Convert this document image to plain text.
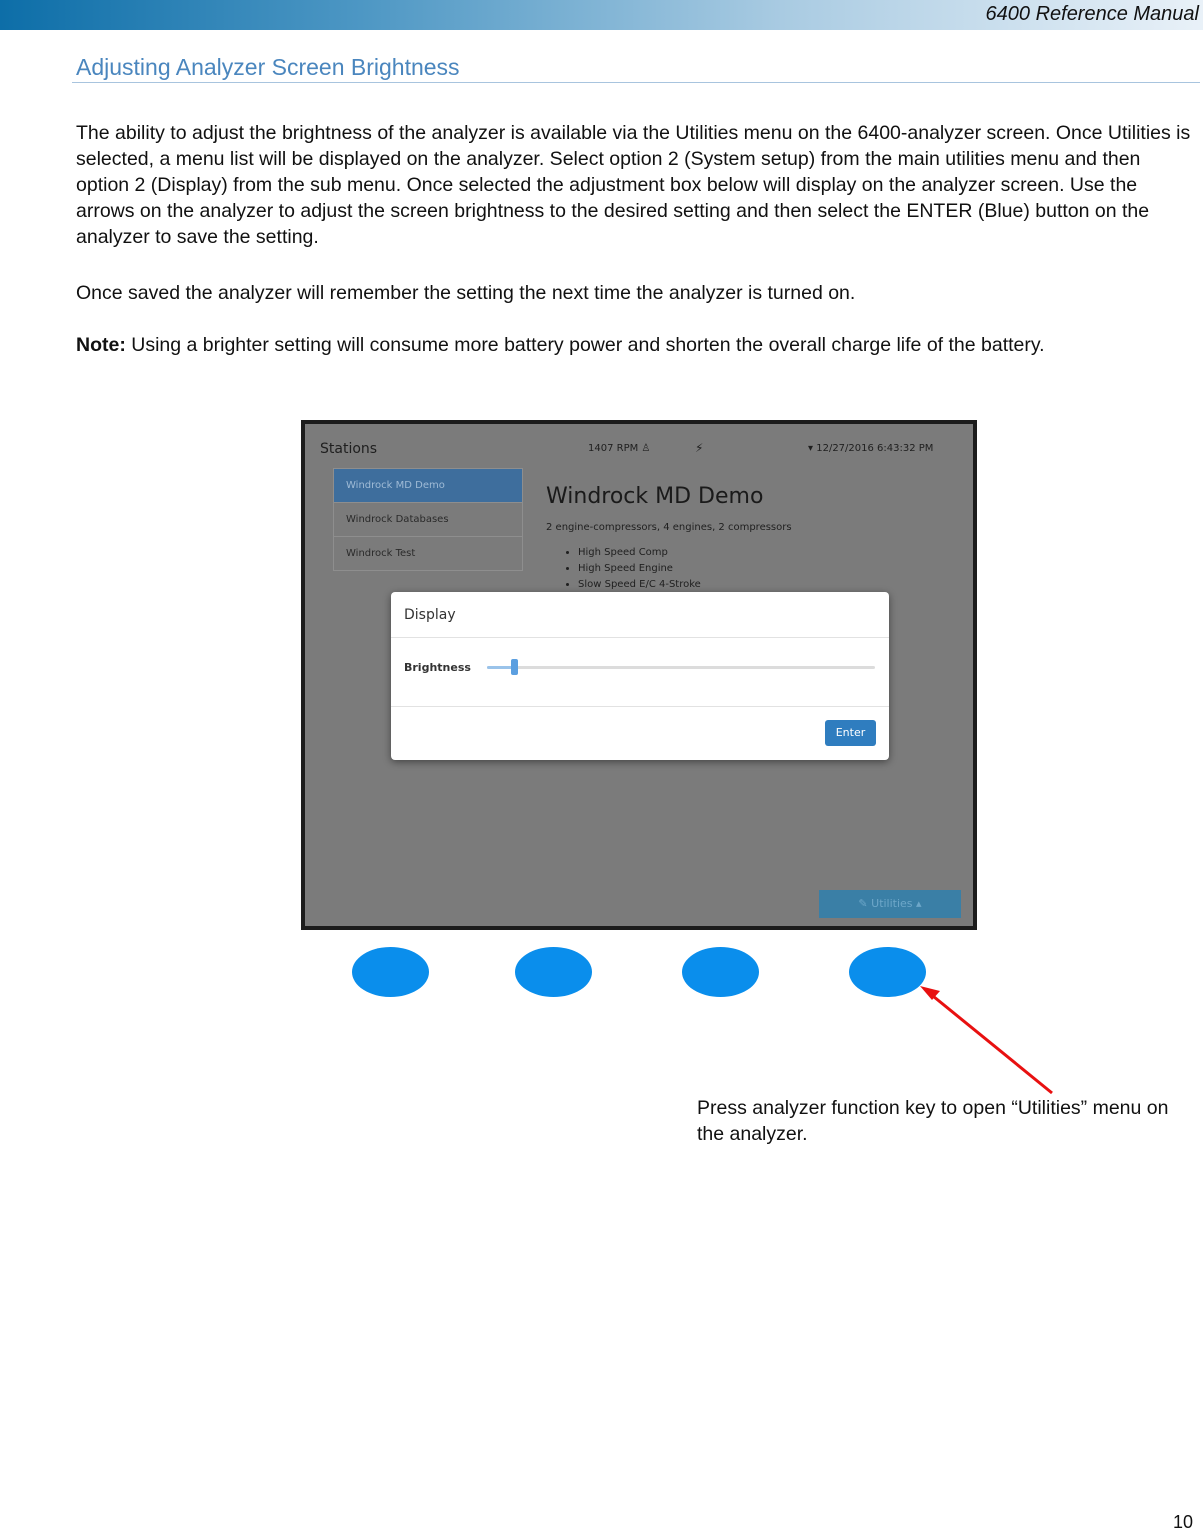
6400 Reference Manual
Adjusting Analyzer Screen Brightness
The ability to adjust the brightness of the analyzer is available via the Utilities menu on the 6400-analyzer screen. Once Utilities is selected, a menu list will be displayed on the analyzer. Select option 2 (System setup) from the main utilities menu and then option 2 (Display) from the sub menu. Once selected the adjustment box below will display on the analyzer screen. Use the arrows on the analyzer to adjust the screen brightness to the desired setting and then select the ENTER (Blue) button on the analyzer to save the setting.
Once saved the analyzer will remember the setting the next time the analyzer is turned on.
Note: Using a brighter setting will consume more battery power and shorten the overall charge life of the battery.
Stations	1407 RPM ♙	⚡	▾ 12/27/2016 6:43:32 PM
Windrock MD Demo
Windrock Databases
Windrock Test
Windrock MD Demo
2 engine-compressors, 4 engines, 2 compressors
• High Speed Comp
• High Speed Engine
• Slow Speed E/C 4-Stroke
✎ Utilities ▴
Display
Brightness
Enter
Press analyzer function key to open “Utilities” menu on the analyzer.
10
